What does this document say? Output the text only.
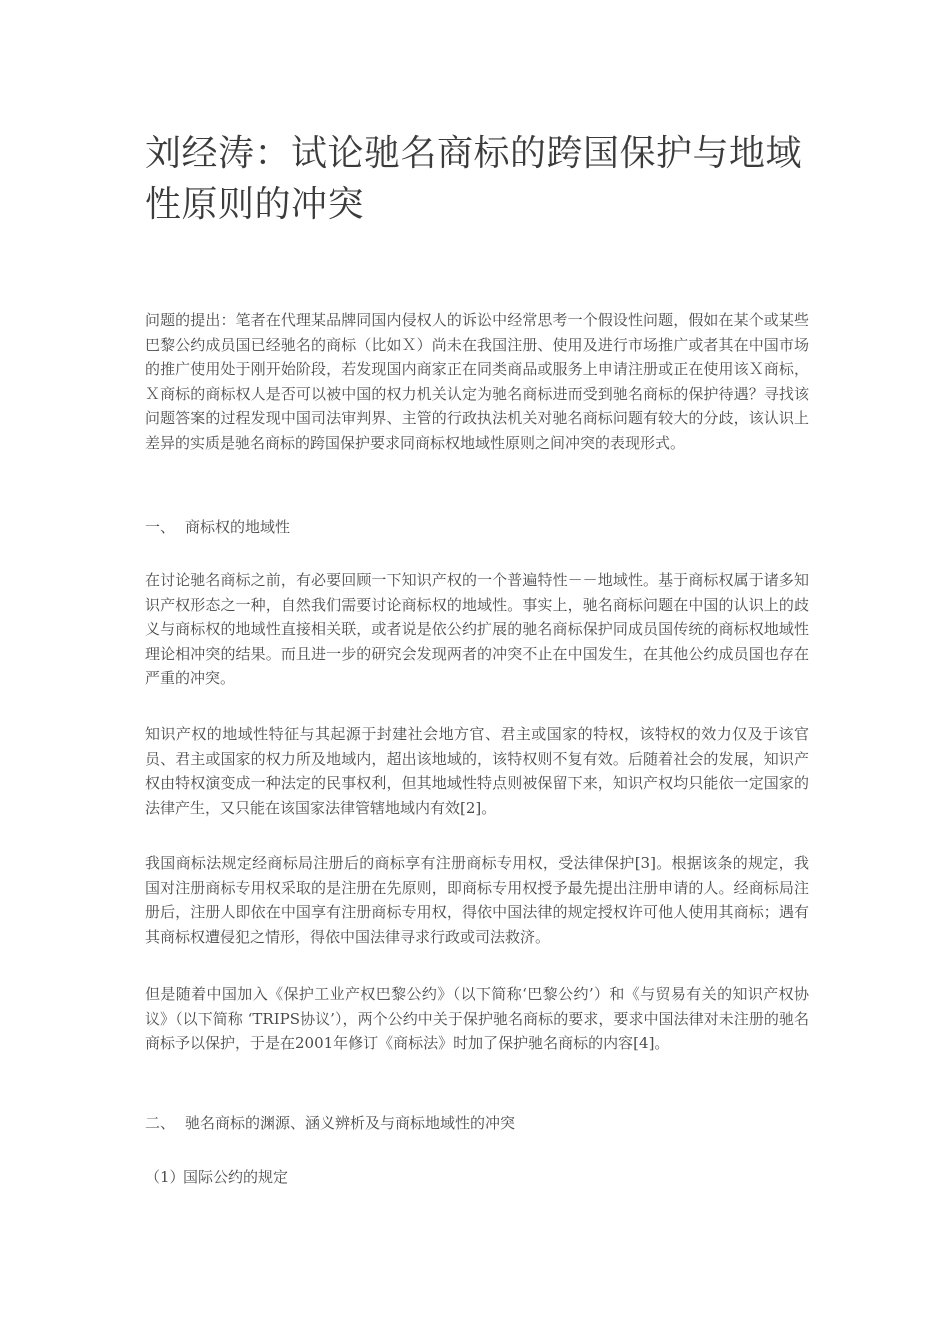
刘经涛：试论驰名商标的跨国保护与地域性原则的冲突

问题的提出：笔者在代理某品牌同国内侵权人的诉讼中经常思考一个假设性问题，假如在某个或某些巴黎公约成员国已经驰名的商标（比如Ｘ）尚未在我国注册、使用及进行市场推广或者其在中国市场的推广使用处于刚开始阶段，若发现国内商家正在同类商品或服务上申请注册或正在使用该Ｘ商标，Ｘ商标的商标权人是否可以被中国的权力机关认定为驰名商标进而受到驰名商标的保护待遇？寻找该问题答案的过程发现中国司法审判界、主管的行政执法机关对驰名商标问题有较大的分歧，该认识上差异的实质是驰名商标的跨国保护要求同商标权地域性原则之间冲突的表现形式。

一、 商标权的地域性

在讨论驰名商标之前，有必要回顾一下知识产权的一个普遍特性－－地域性。基于商标权属于诸多知识产权形态之一种，自然我们需要讨论商标权的地域性。事实上，驰名商标问题在中国的认识上的歧义与商标权的地域性直接相关联，或者说是依公约扩展的驰名商标保护同成员国传统的商标权地域性理论相冲突的结果。而且进一步的研究会发现两者的冲突不止在中国发生，在其他公约成员国也存在严重的冲突。

知识产权的地域性特征与其起源于封建社会地方官、君主或国家的特权，该特权的效力仅及于该官员、君主或国家的权力所及地域内，超出该地域的，该特权则不复有效。后随着社会的发展，知识产权由特权演变成一种法定的民事权利，但其地域性特点则被保留下来，知识产权均只能依一定国家的法律产生，又只能在该国家法律管辖地域内有效[2]。

我国商标法规定经商标局注册后的商标享有注册商标专用权，受法律保护[3]。根据该条的规定，我国对注册商标专用权采取的是注册在先原则，即商标专用权授予最先提出注册申请的人。经商标局注册后，注册人即依在中国享有注册商标专用权，得依中国法律的规定授权许可他人使用其商标；遇有其商标权遭侵犯之情形，得依中国法律寻求行政或司法救济。

但是随着中国加入《保护工业产权巴黎公约》（以下简称‘巴黎公约’）和《与贸易有关的知识产权协议》（以下简称 ‘TRIPS协议’），两个公约中关于保护驰名商标的要求，要求中国法律对未注册的驰名商标予以保护，于是在2001年修订《商标法》时加了保护驰名商标的内容[4]。

二、 驰名商标的渊源、涵义辨析及与商标地域性的冲突
（1）国际公约的规定
